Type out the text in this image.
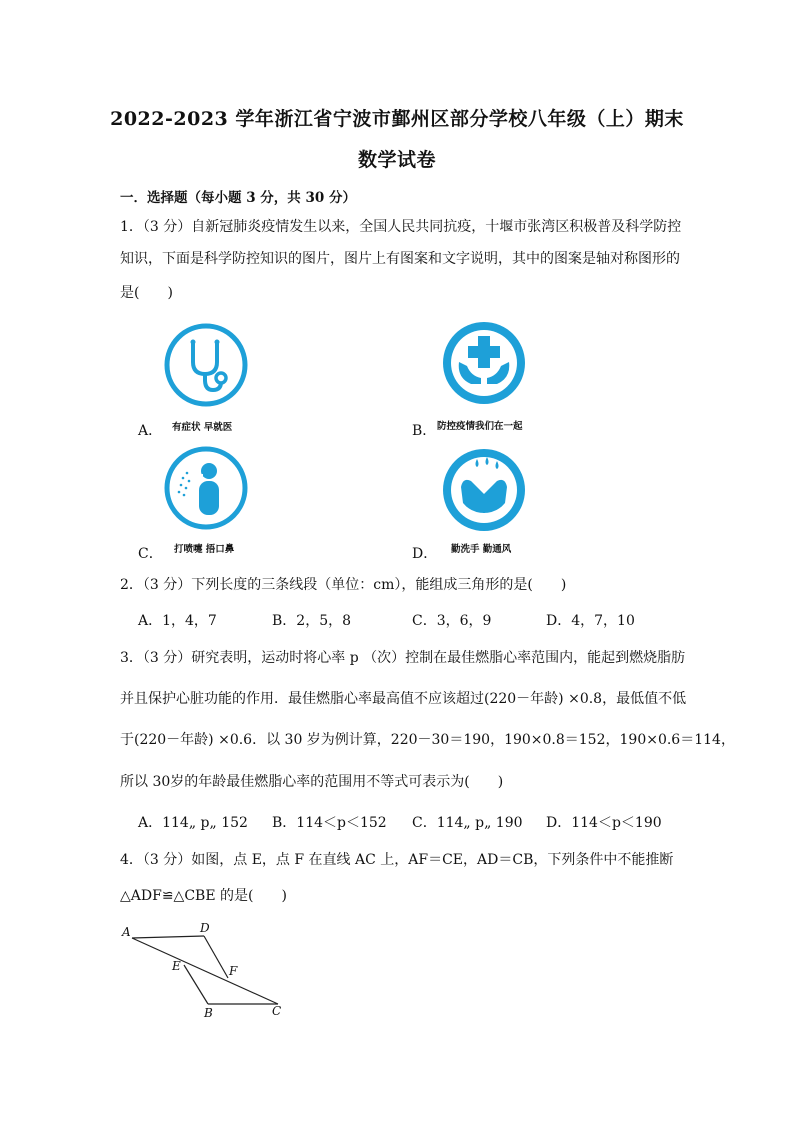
2022-2023 学年浙江省宁波市鄞州区部分学校八年级（上）期末
数学试卷
一．选择题（每小题 3 分，共 30 分）
1．（3 分）自新冠肺炎疫情发生以来，全国人民共同抗疫，十堰市张湾区积极普及科学防控
知识，下面是科学防控知识的图片，图片上有图案和文字说明，其中的图案是轴对称图形的
是(　　)
A． 有症状 早就医	B． 防控疫情我们在一起
C． 打喷嚏 捂口鼻	D． 勤洗手 勤通风
2．（3 分）下列长度的三条线段（单位：cm），能组成三角形的是(　　)
A．1，4，7	B．2，5，8	C．3，6，9	D．4，7，10
3．（3 分）研究表明，运动时将心率 p （次）控制在最佳燃脂心率范围内，能起到燃烧脂肪
并且保护心脏功能的作用．最佳燃脂心率最高值不应该超过(220－年龄) ×0.8，最低值不低
于(220－年龄) ×0.6．以 30 岁为例计算，220－30＝190，190×0.8＝152，190×0.6＝114，
所以 30岁的年龄最佳燃脂心率的范围用不等式可表示为(　　)
A．114„ p„ 152 B．114＜p＜152 C．114„ p„ 190 D．114＜p＜190
4．（3 分）如图，点 E，点 F 在直线 AC 上，AF＝CE，AD＝CB，下列条件中不能推断
△ADF≌△CBE 的是(　　)
A	D
E	F
B	C
